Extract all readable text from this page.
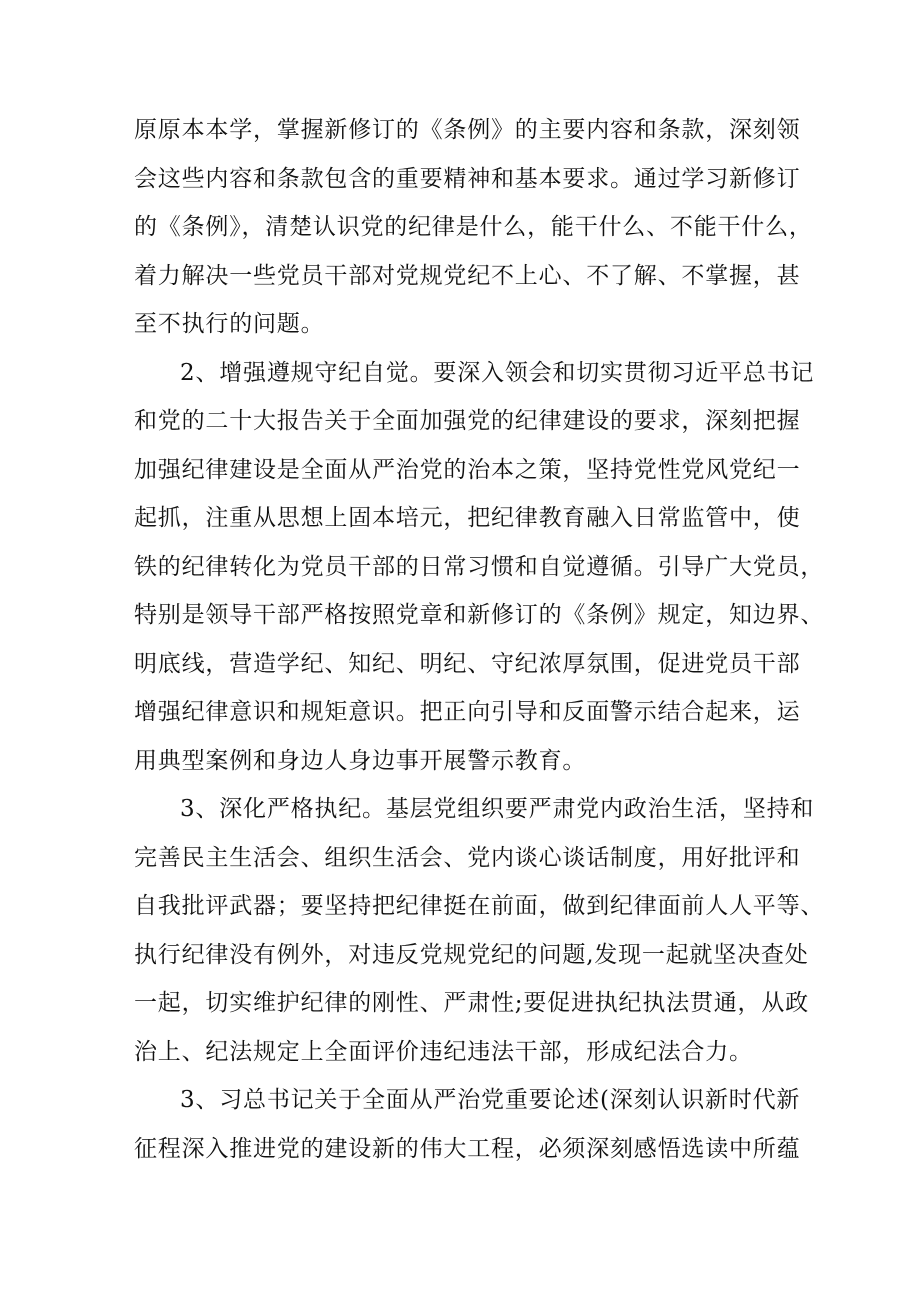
原原本本学，掌握新修订的《条例》的主要内容和条款，深刻领
会这些内容和条款包含的重要精神和基本要求。通过学习新修订
的《条例》，清楚认识党的纪律是什么，能干什么、不能干什么，
着力解决一些党员干部对党规党纪不上心、不了解、不掌握，甚
至不执行的问题。
2、增强遵规守纪自觉。要深入领会和切实贯彻习近平总书记
和党的二十大报告关于全面加强党的纪律建设的要求，深刻把握
加强纪律建设是全面从严治党的治本之策，坚持党性党风党纪一
起抓，注重从思想上固本培元，把纪律教育融入日常监管中，使
铁的纪律转化为党员干部的日常习惯和自觉遵循。引导广大党员，
特别是领导干部严格按照党章和新修订的《条例》规定，知边界、
明底线，营造学纪、知纪、明纪、守纪浓厚氛围，促进党员干部
增强纪律意识和规矩意识。把正向引导和反面警示结合起来，运
用典型案例和身边人身边事开展警示教育。
3、深化严格执纪。基层党组织要严肃党内政治生活，坚持和
完善民主生活会、组织生活会、党内谈心谈话制度，用好批评和
自我批评武器；要坚持把纪律挺在前面，做到纪律面前人人平等、
执行纪律没有例外，对违反党规党纪的问题,发现一起就坚决查处
一起，切实维护纪律的刚性、严肃性;要促进执纪执法贯通，从政
治上、纪法规定上全面评价违纪违法干部，形成纪法合力。
3、习总书记关于全面从严治党重要论述(深刻认识新时代新
征程深入推进党的建设新的伟大工程，必须深刻感悟选读中所蕴
